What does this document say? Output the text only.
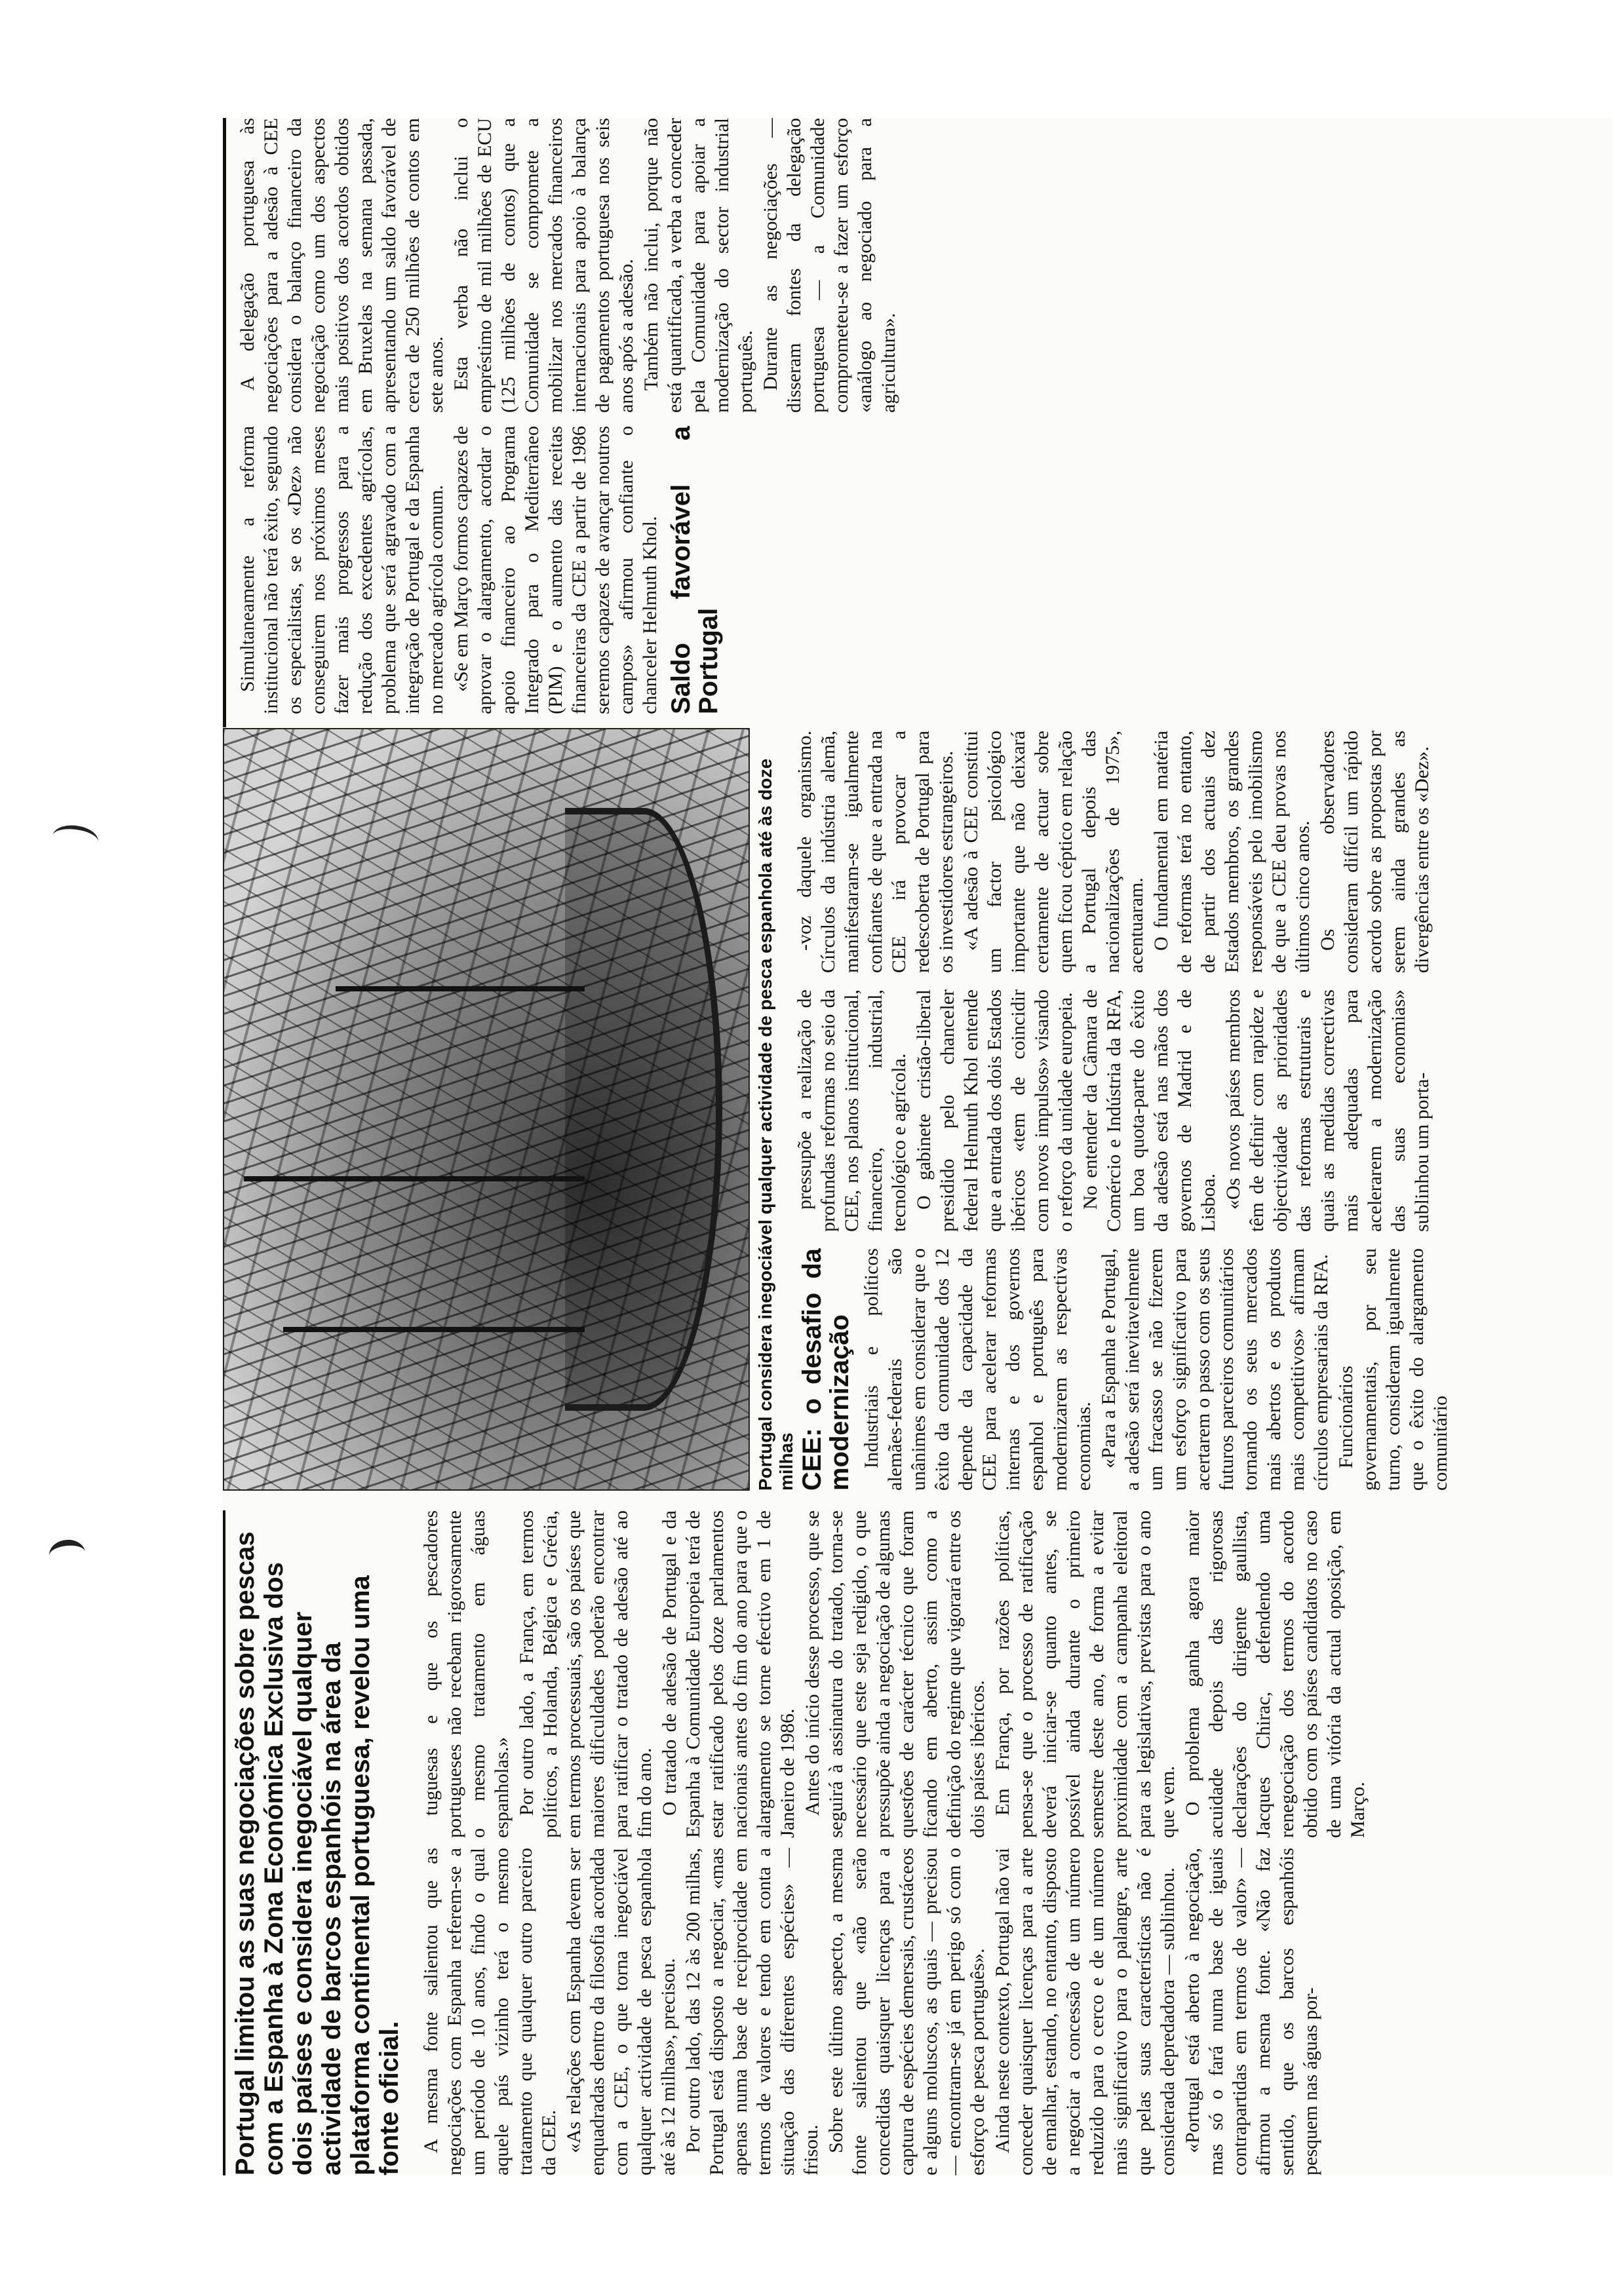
Portugal limitou as suas negociações sobre pescas com a Espanha à Zona Económica Exclusiva dos dois países e considera inegociável qualquer actividade de barcos espanhóis na área da plataforma continental portuguesa, revelou uma fonte oficial. A mesma fonte salientou que as negociações com Espanha referem-se a um período de 10 anos, findo o qual aquele país vizinho terá o mesmo tratamento que qualquer outro parceiro da CEE. «As relações com Espanha devem ser enquadradas dentro da filosofia acordada com a CEE, o que torna inegociável qualquer actividade de pesca espanhola até às 12 milhas», precisou. Por outro lado, das 12 às 200 milhas, Portugal está disposto a negociar, «mas apenas numa base de reciprocidade em termos de valores e tendo em conta a situação das diferentes espécies» — frisou. Sobre este último aspecto, a mesma fonte salientou que «não serão concedidas quaisquer licenças para a captura de espécies demersais, crustáceos e alguns moluscos, as quais — precisou — encontram-se já em perigo só com o esforço de pesca português». Ainda neste contexto, Portugal não vai conceder quaisquer licenças para a arte de emalhar, estando, no entanto, disposto a negociar a concessão de um número reduzido para o cerco e de um número mais significativo para o palangre, arte que pelas suas características não é considerada depredadora — sublinhou. «Portugal está aberto à negociação, mas só o fará numa base de iguais contrapartidas em termos de valor» — afirmou a mesma fonte. «Não faz sentido, que os barcos espanhóis pesquem nas águas por-

tuguesas e que os pescadores portugueses não recebam rigorosamente o mesmo tratamento em águas espanholas.» Por outro lado, a França, em termos políticos, a Holanda, Bélgica e Grécia, em termos processuais, são os países que maiores dificuldades poderão encontrar para ratificar o tratado de adesão até ao fim do ano. O tratado de adesão de Portugal e da Espanha à Comunidade Europeia terá de estar ratificado pelos doze parlamentos nacionais antes do fim do ano para que o alargamento se torne efectivo em 1 de Janeiro de 1986. Antes do início desse processo, que se seguirá à assinatura do tratado, torna-se necessário que este seja redigido, o que pressupõe ainda a negociação de algumas questões de carácter técnico que foram ficando em aberto, assim como a definição do regime que vigorará entre os dois países ibéricos. Em França, por razões políticas, pensa-se que o processo de ratificação deverá iniciar-se quanto antes, se possível ainda durante o primeiro semestre deste ano, de forma a evitar proximidade com a campanha eleitoral para as legislativas, previstas para o ano que vem. O problema ganha agora maior acuidade depois das rigorosas declarações do dirigente gaullista, Jacques Chirac, defendendo uma renegociação dos termos do acordo obtido com os países candidatos no caso de uma vitória da actual oposição, em Março.

Portugal considera inegociável qualquer actividade de pesca espanhola até às doze milhas CEE: o desafio da modernização Industriais e políticos alemães-federais são unânimes em considerar que o êxito da comunidade dos 12 depende da capacidade da CEE para acelerar reformas internas e dos governos espanhol e português para modernizarem as respectivas economias. «Para a Espanha e Portugal, a adesão será inevitavelmente um fracasso se não fizerem um esforço significativo para acertarem o passo com os seus futuros parceiros comunitários tornando os seus mercados mais abertos e os produtos mais competitivos» afirmam círculos empresariais da RFA. Funcionários governamentais, por seu turno, consideram igualmente que o êxito do alargamento comunitário

pressupõe a realização de profundas reformas no seio da CEE, nos planos institucional, financeiro, industrial, tecnológico e agrícola. O gabinete cristão-liberal presidido pelo chanceler federal Helmuth Khol entende que a entrada dos dois Estados ibéricos «tem de coincidir com novos impulsos» visando o reforço da unidade europeia. No entender da Câmara de Comércio e Indústria da RFA, um boa quota-parte do êxito da adesão está nas mãos dos governos de Madrid e de Lisboa. «Os novos países membros têm de definir com rapidez e objectividade as prioridades das reformas estruturais e quais as medidas correctivas mais adequadas para acelerarem a modernização das suas economias» sublinhou um porta-

-voz daquele organismo. Círculos da indústria alemã, manifestaram-se igualmente confiantes de que a entrada na CEE irá provocar a redescoberta de Portugal para os investidores estrangeiros. «A adesão à CEE constitui um factor psicológico importante que não deixará certamente de actuar sobre quem ficou céptico em relação a Portugal depois das nacionalizações de 1975», acentuaram. O fundamental em matéria de reformas terá no entanto, de partir dos actuais dez Estados membros, os grandes responsáveis pelo imobilismo de que a CEE deu provas nos últimos cinco anos. Os observadores consideram difícil um rápido acordo sobre as propostas por serem ainda grandes as divergências entre os «Dez».

Simultaneamente a reforma institucional não terá êxito, segundo os especialistas, se os «Dez» não conseguirem nos próximos meses fazer mais progressos para a redução dos excedentes agrícolas, problema que será agravado com a integração de Portugal e da Espanha no mercado agrícola comum. «Se em Março formos capazes de aprovar o alargamento, acordar o apoio financeiro ao Programa Integrado para o Mediterrâneo (PIM) e o aumento das receitas financeiras da CEE a partir de 1986 seremos capazes de avançar noutros campos» afirmou confiante o chanceler Helmuth Khol. Saldo favorável a Portugal

A delegação portuguesa às negociações para a adesão à CEE considera o balanço financeiro da negociação como um dos aspectos mais positivos dos acordos obtidos em Bruxelas na semana passada, apresentando um saldo favorável de cerca de 250 milhões de contos em sete anos. Esta verba não inclui o empréstimo de mil milhões de ECU (125 milhões de contos) que a Comunidade se compromete a mobilizar nos mercados financeiros internacionais para apoio à balança de pagamentos portuguesa nos seis anos após a adesão. Também não inclui, porque não está quantificada, a verba a conceder pela Comunidade para apoiar a modernização do sector industrial português. Durante as negociações — disseram fontes da delegação portuguesa — a Comunidade comprometeu-se a fazer um esforço «análogo ao negociado para a agricultura».
